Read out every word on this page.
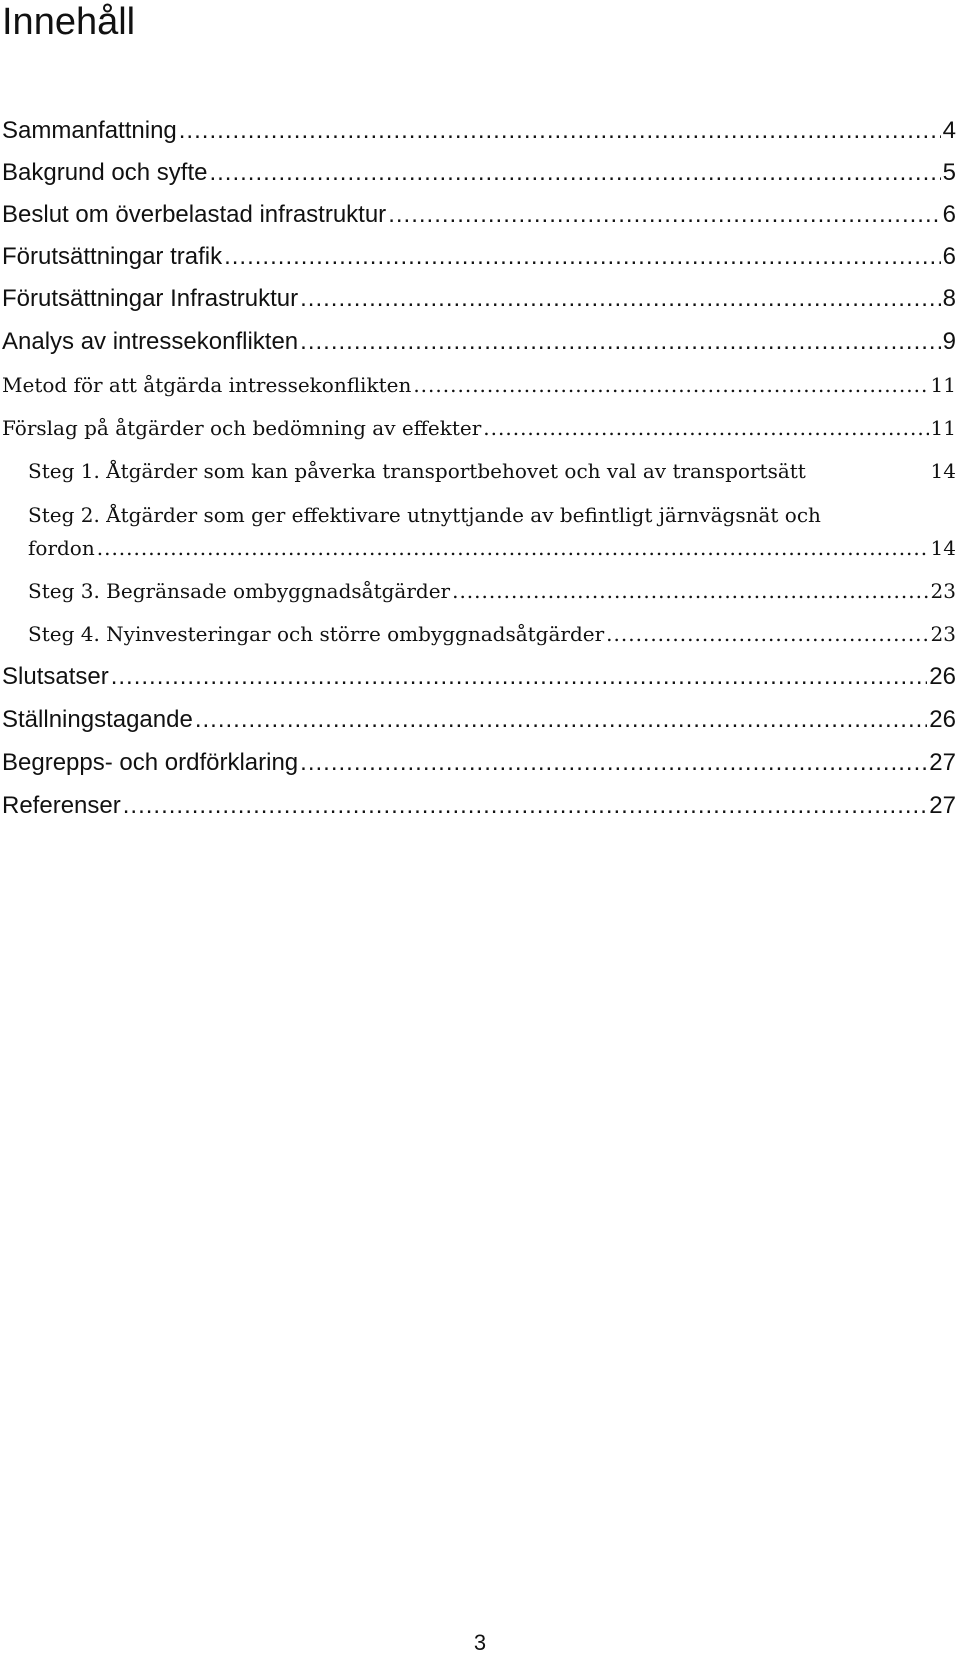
Innehåll
Sammanfattning .....	4
Bakgrund och syfte .....	5
Beslut om överbelastad infrastruktur .....	6
Förutsättningar trafik .....	6
Förutsättningar Infrastruktur .....	8
Analys av intressekonflikten .....	9
Metod för att åtgärda intressekonflikten .....	11
Förslag på åtgärder och bedömning av effekter .....	11
Steg 1. Åtgärder som kan påverka transportbehovet och val av transportsätt	14
Steg 2. Åtgärder som ger effektivare utnyttjande av befintligt järnvägsnät och
fordon .....	14
Steg 3. Begränsade ombyggnadsåtgärder .....	23
Steg 4. Nyinvesteringar och större ombyggnadsåtgärder .....	23
Slutsatser .....	26
Ställningstagande .....	26
Begrepps- och ordförklaring .....	27
Referenser .....	27
3
